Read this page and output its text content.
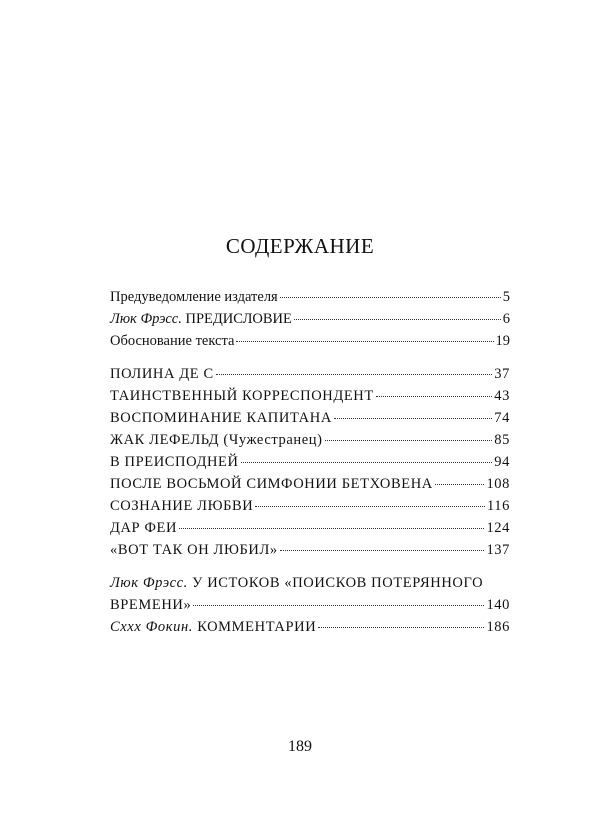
СОДЕРЖАНИЕ
Предуведомление издателя	5
Люк Фрэсс. ПРЕДИСЛОВИЕ	6
Обоснование текста	19
ПОЛИНА ДЕ С	37
ТАИНСТВЕННЫЙ КОРРЕСПОНДЕНТ	43
ВОСПОМИНАНИЕ КАПИТАНА	74
ЖАК ЛЕФЕЛЬД (Чужестранец)	85
В ПРЕИСПОДНЕЙ	94
ПОСЛЕ ВОСЬМОЙ СИМФОНИИ БЕТХОВЕНА	108
СОЗНАНИЕ ЛЮБВИ	116
ДАР ФЕИ	124
«ВОТ ТАК ОН ЛЮБИЛ»	137
Люк Фрэсс. У ИСТОКОВ «ПОИСКОВ ПОТЕРЯННОГО
ВРЕМЕНИ»	140
Сххх Фокин. КОММЕНТАРИИ	186
189
